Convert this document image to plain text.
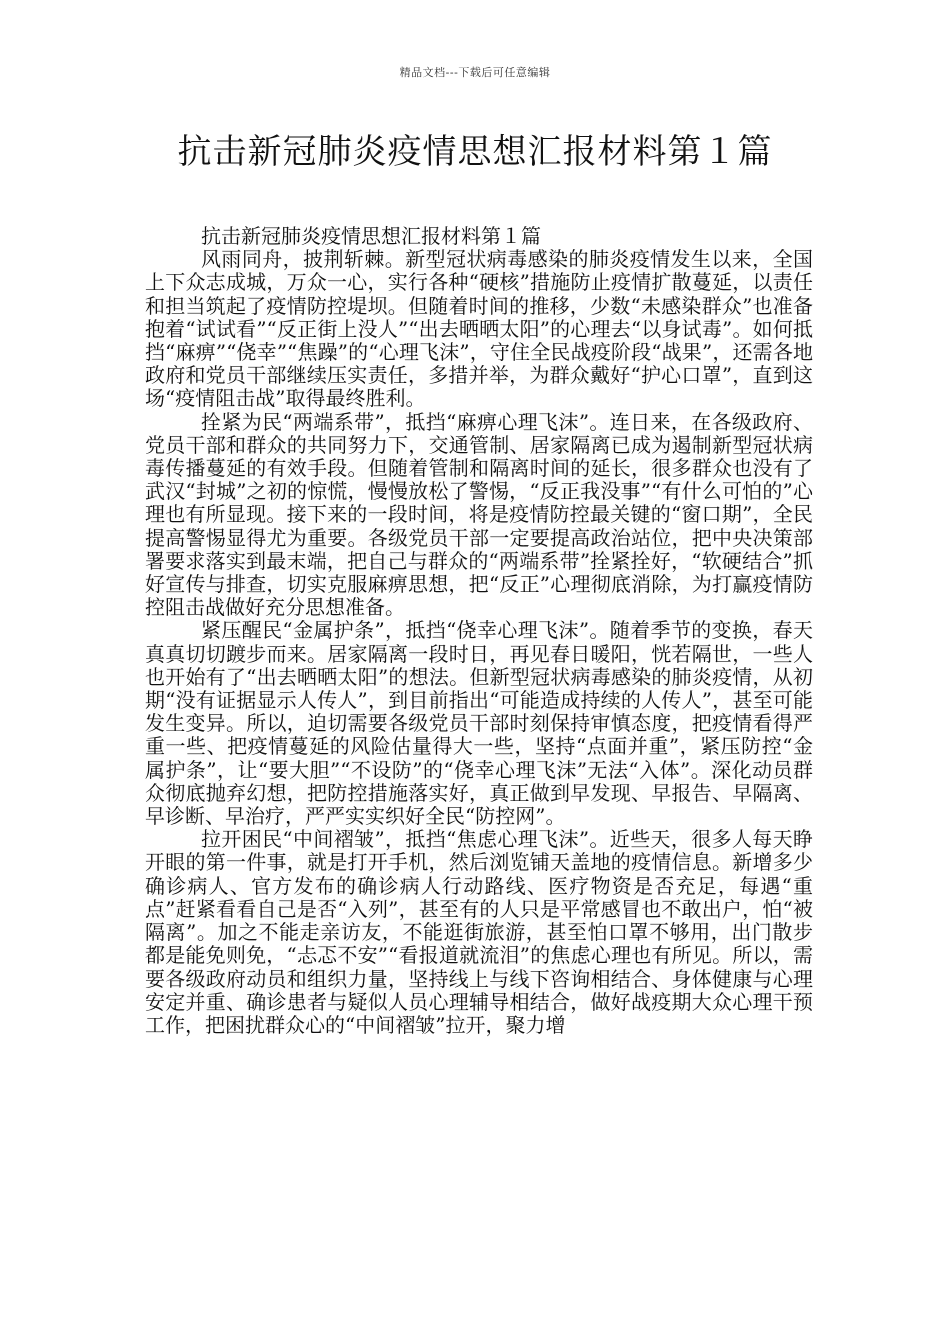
精品文档---下载后可任意编辑
抗击新冠肺炎疫情思想汇报材料第１篇

抗击新冠肺炎疫情思想汇报材料第１篇

风雨同舟，披荆斩棘。新型冠状病毒感染的肺炎疫情发生以来，全国上下众志成城，万众一心，实行各种“硬核”措施防止疫情扩散蔓延，以责任和担当筑起了疫情防控堤坝。但随着时间的推移，少数“未感染群众”也准备抱着“试试看”“反正街上没人”“出去晒晒太阳”的心理去“以身试毒”。如何抵挡“麻痹”“侥幸”“焦躁”的“心理飞沫”，守住全民战疫阶段“战果”，还需各地政府和党员干部继续压实责任，多措并举，为群众戴好“护心口罩”，直到这场“疫情阻击战”取得最终胜利。

拴紧为民“两端系带”，抵挡“麻痹心理飞沫”。连日来，在各级政府、党员干部和群众的共同努力下，交通管制、居家隔离已成为遏制新型冠状病毒传播蔓延的有效手段。但随着管制和隔离时间的延长，很多群众也没有了武汉“封城”之初的惊慌，慢慢放松了警惕，“反正我没事”“有什么可怕的”心理也有所显现。接下来的一段时间，将是疫情防控最关键的“窗口期”，全民提高警惕显得尤为重要。各级党员干部一定要提高政治站位，把中央决策部署要求落实到最末端，把自己与群众的“两端系带”拴紧拴好，“软硬结合”抓好宣传与排查，切实克服麻痹思想，把“反正”心理彻底消除，为打赢疫情防控阻击战做好充分思想准备。

紧压醒民“金属护条”，抵挡“侥幸心理飞沫”。随着季节的变换，春天真真切切踱步而来。居家隔离一段时日，再见春日暖阳，恍若隔世，一些人也开始有了“出去晒晒太阳”的想法。但新型冠状病毒感染的肺炎疫情，从初期“没有证据显示人传人”，到目前指出“可能造成持续的人传人”，甚至可能发生变异。所以，迫切需要各级党员干部时刻保持审慎态度，把疫情看得严重一些、把疫情蔓延的风险估量得大一些，坚持“点面并重”，紧压防控“金属护条”，让“要大胆”“不设防”的“侥幸心理飞沫”无法“入体”。深化动员群众彻底抛弃幻想，把防控措施落实好，真正做到早发现、早报告、早隔离、早诊断、早治疗，严严实实织好全民“防控网”。

拉开困民“中间褶皱”，抵挡“焦虑心理飞沫”。近些天，很多人每天睁开眼的第一件事，就是打开手机，然后浏览铺天盖地的疫情信息。新增多少确诊病人、官方发布的确诊病人行动路线、医疗物资是否充足，每遇“重点”赶紧看看自己是否“入列”，甚至有的人只是平常感冒也不敢出户，怕“被隔离”。加之不能走亲访友，不能逛街旅游，甚至怕口罩不够用，出门散步都是能免则免，“忐忑不安”“看报道就流泪”的焦虑心理也有所见。所以，需要各级政府动员和组织力量，坚持线上与线下咨询相结合、身体健康与心理安定并重、确诊患者与疑似人员心理辅导相结合，做好战疫期大众心理干预工作，把困扰群众心的“中间褶皱”拉开，聚力增
